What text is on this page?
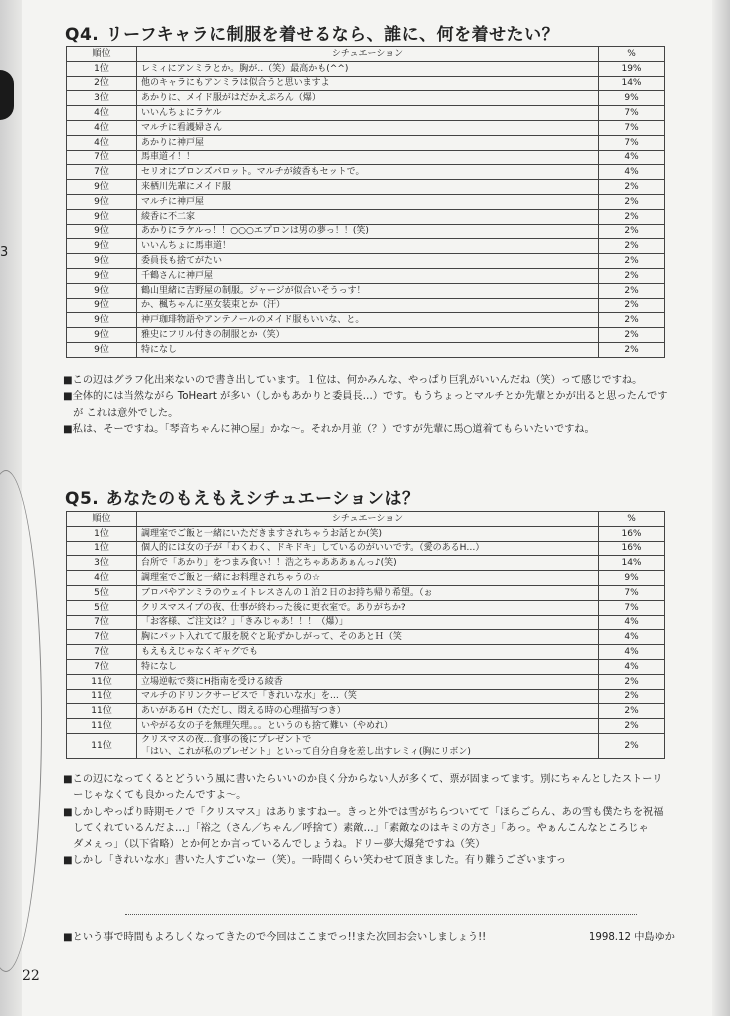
3
Q4. リーフキャラに制服を着せるなら、誰に、何を着せたい？
順位	シチュエーション	%
1位	レミィにアンミラとか。胸が‥（笑）最高かも(^^)	19%
2位	他のキャラにもアンミラは似合うと思いますよ	14%
3位	あかりに、メイド服がはだかえぷろん（爆）	9%
4位	いいんちょにラケル	7%
4位	マルチに看護婦さん	7%
4位	あかりに神戸屋	7%
7位	馬車道イ！！	4%
7位	セリオにブロンズパロット。マルチが綾香もセットで。	4%
9位	来栖川先輩にメイド服	2%
9位	マルチに神戸屋	2%
9位	綾香に不二家	2%
9位	あかりにラケルっ！！○○○エプロンは男の夢っ！！(笑)	2%
9位	いいんちょに馬車道！	2%
9位	委員長も捨てがたい	2%
9位	千鶴さんに神戸屋	2%
9位	鶴山里緒に吉野屋の制服。ジャージが似合いそうっす！	2%
9位	か、楓ちゃんに巫女装束とか（汗）	2%
9位	神戸珈琲物語やアンテノールのメイド服もいいな、と。	2%
9位	雅史にフリル付きの制服とか（笑）	2%
9位	特になし	2%

■この辺はグラフ化出来ないので書き出しています。１位は、何かみんな、やっぱり巨乳がいいんだね（笑）って感じですね。

■全体的には当然ながら ToHeart が多い（しかもあかりと委員長…）です。もうちょっとマルチとか先輩とかが出ると思ったんです

　が これは意外でした。

■私は、そーですね。「琴音ちゃんに神○屋」かな～。それか月並（？）ですが先輩に馬○道着てもらいたいですね。

Q5. あなたのもえもえシチュエーションは？
順位	シチュエーション	%
1位	調理室でご飯と一緒にいただきますされちゃうお話とか(笑)	16%
1位	個人的には女の子が「わくわく、ドキドキ」しているのがいいです。（愛のあるH…）	16%
3位	台所で「あかり」をつまみ食い！！浩之ちゃあああぁんっ♪(笑)	14%
4位	調理室でご飯と一緒にお料理されちゃうの☆	9%
5位	ブロパやアンミラのウェイトレスさんの１泊２日のお持ち帰り希望。（ぉ	7%
5位	クリスマスイブの夜、仕事が終わった後に更衣室で。ありがちか?	7%
7位	「お客様、ご注文は？」「きみじゃあ！！！（爆）」	4%
7位	胸にパット入れてて服を脱ぐと恥ずかしがって、そのあとＨ（笑	4%
7位	もえもえじゃなくギャグでも	4%
7位	特になし	4%
11位	立場逆転で葵にH指南を受ける綾香	2%
11位	マルチのドリンクサービスで「きれいな水」を…（笑	2%
11位	あいがあるH（ただし、悶える時の心理描写つき）	2%
11位	いやがる女の子を無理矢理。。。というのも捨て難い（やめれ）	2%
11位	クリスマスの夜…食事の後にプレゼントで
「はい、これが私のプレゼント」といって自分自身を差し出すレミィ(胸にリボン)	2%

■この辺になってくるとどういう風に書いたらいいのか良く分からない人が多くて、票が固まってます。別にちゃんとしたストーリ

　ーじゃなくても良かったんですよ～。

■しかしやっぱり時期モノで「クリスマス」はありますねー。きっと外では雪がちらついてて「ほらごらん、あの雪も僕たちを祝福

　してくれているんだよ…」「裕之（さん／ちゃん／呼捨て）素敵…」「素敵なのはキミの方さ」「あっ。やぁんこんなところじゃ

　ダメぇっ」（以下省略）とか何とか言っているんでしょうね。ドリー夢大爆発ですね（笑）

■しかし「きれいな水」書いた人すごいなー（笑）。一時間くらい笑わせて頂きました。有り難うございますっ

■という事で時間もよろしくなってきたので今回はここまでっ!!また次回お会いしましょう!!	1998.12 中島ゆか
22
